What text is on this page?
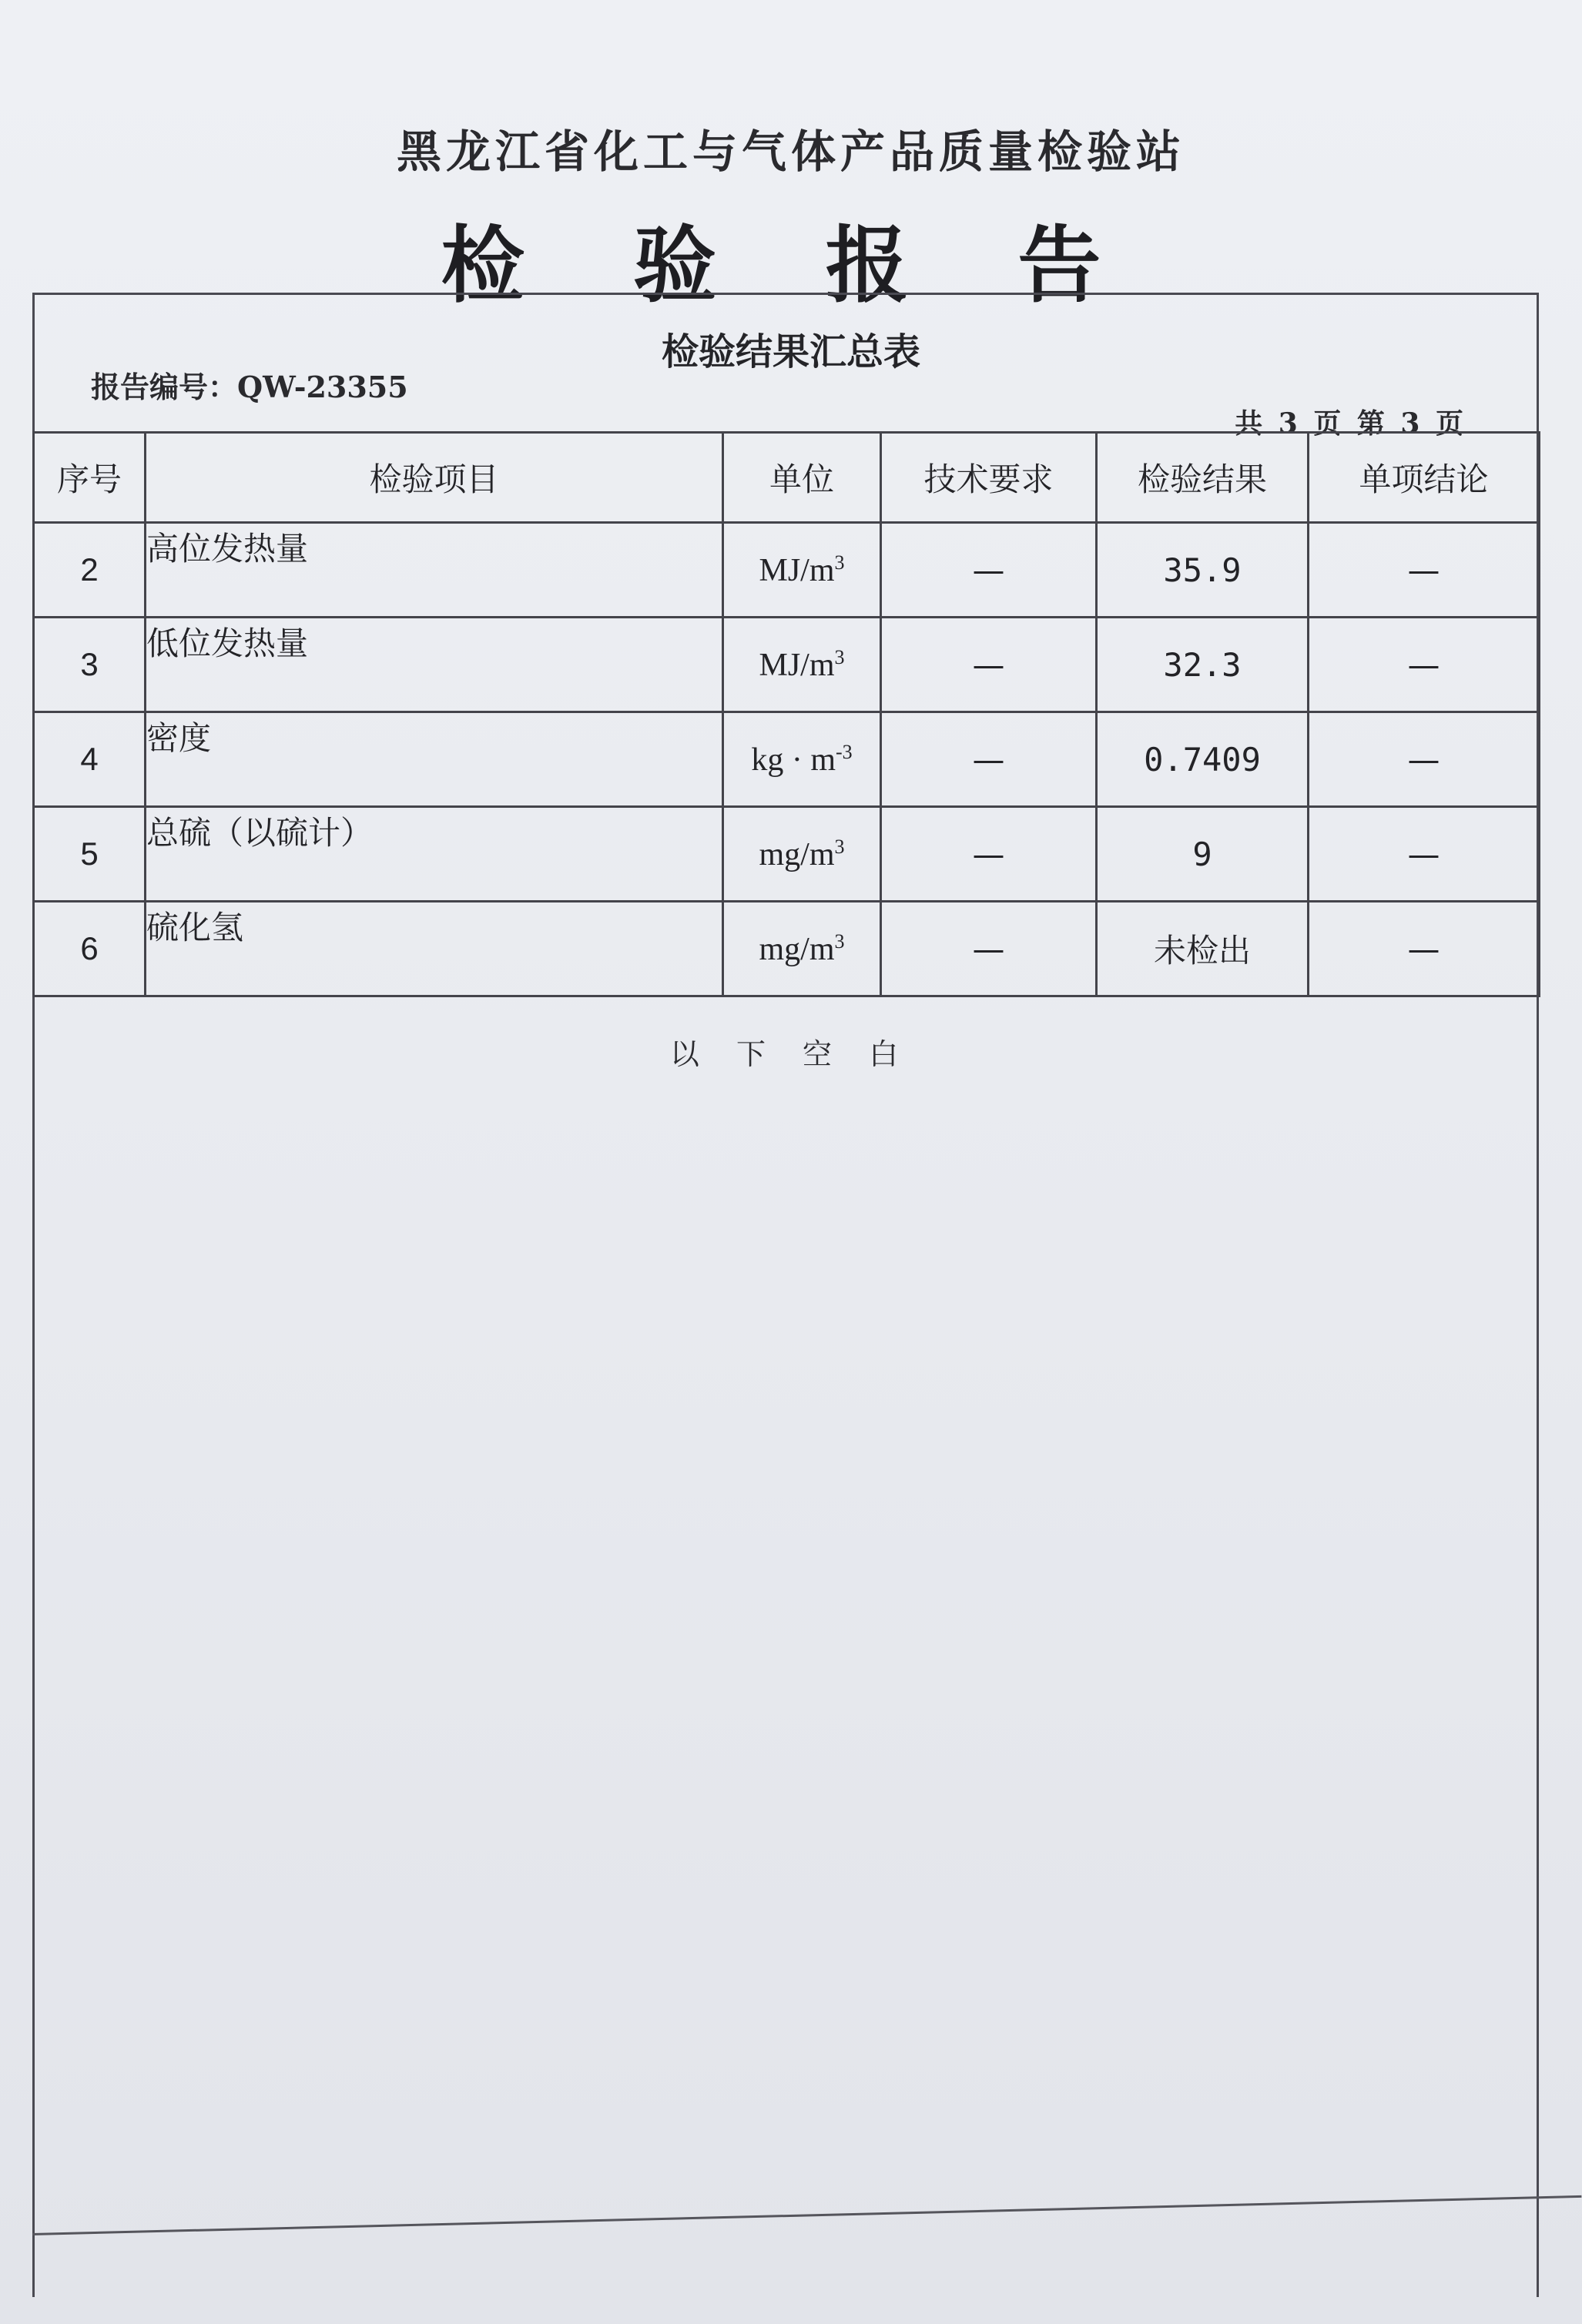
黑龙江省化工与气体产品质量检验站
检 验 报 告
检验结果汇总表
报告编号：QW-23355
共 3 页 第 3 页
序号	检验项目	单位	技术要求	检验结果	单项结论
2	高位发热量	$MJ/m^3$	—	35.9	—
3	低位发热量	$MJ/m^3$	—	32.3	—
4	密度	kg · $m^{-3}$	—	0.7409	—
5	总硫（以硫计）	$mg/m^3$	—	9	—
6	硫化氢	$mg/m^3$	—	未检出	—
以 下 空 白
